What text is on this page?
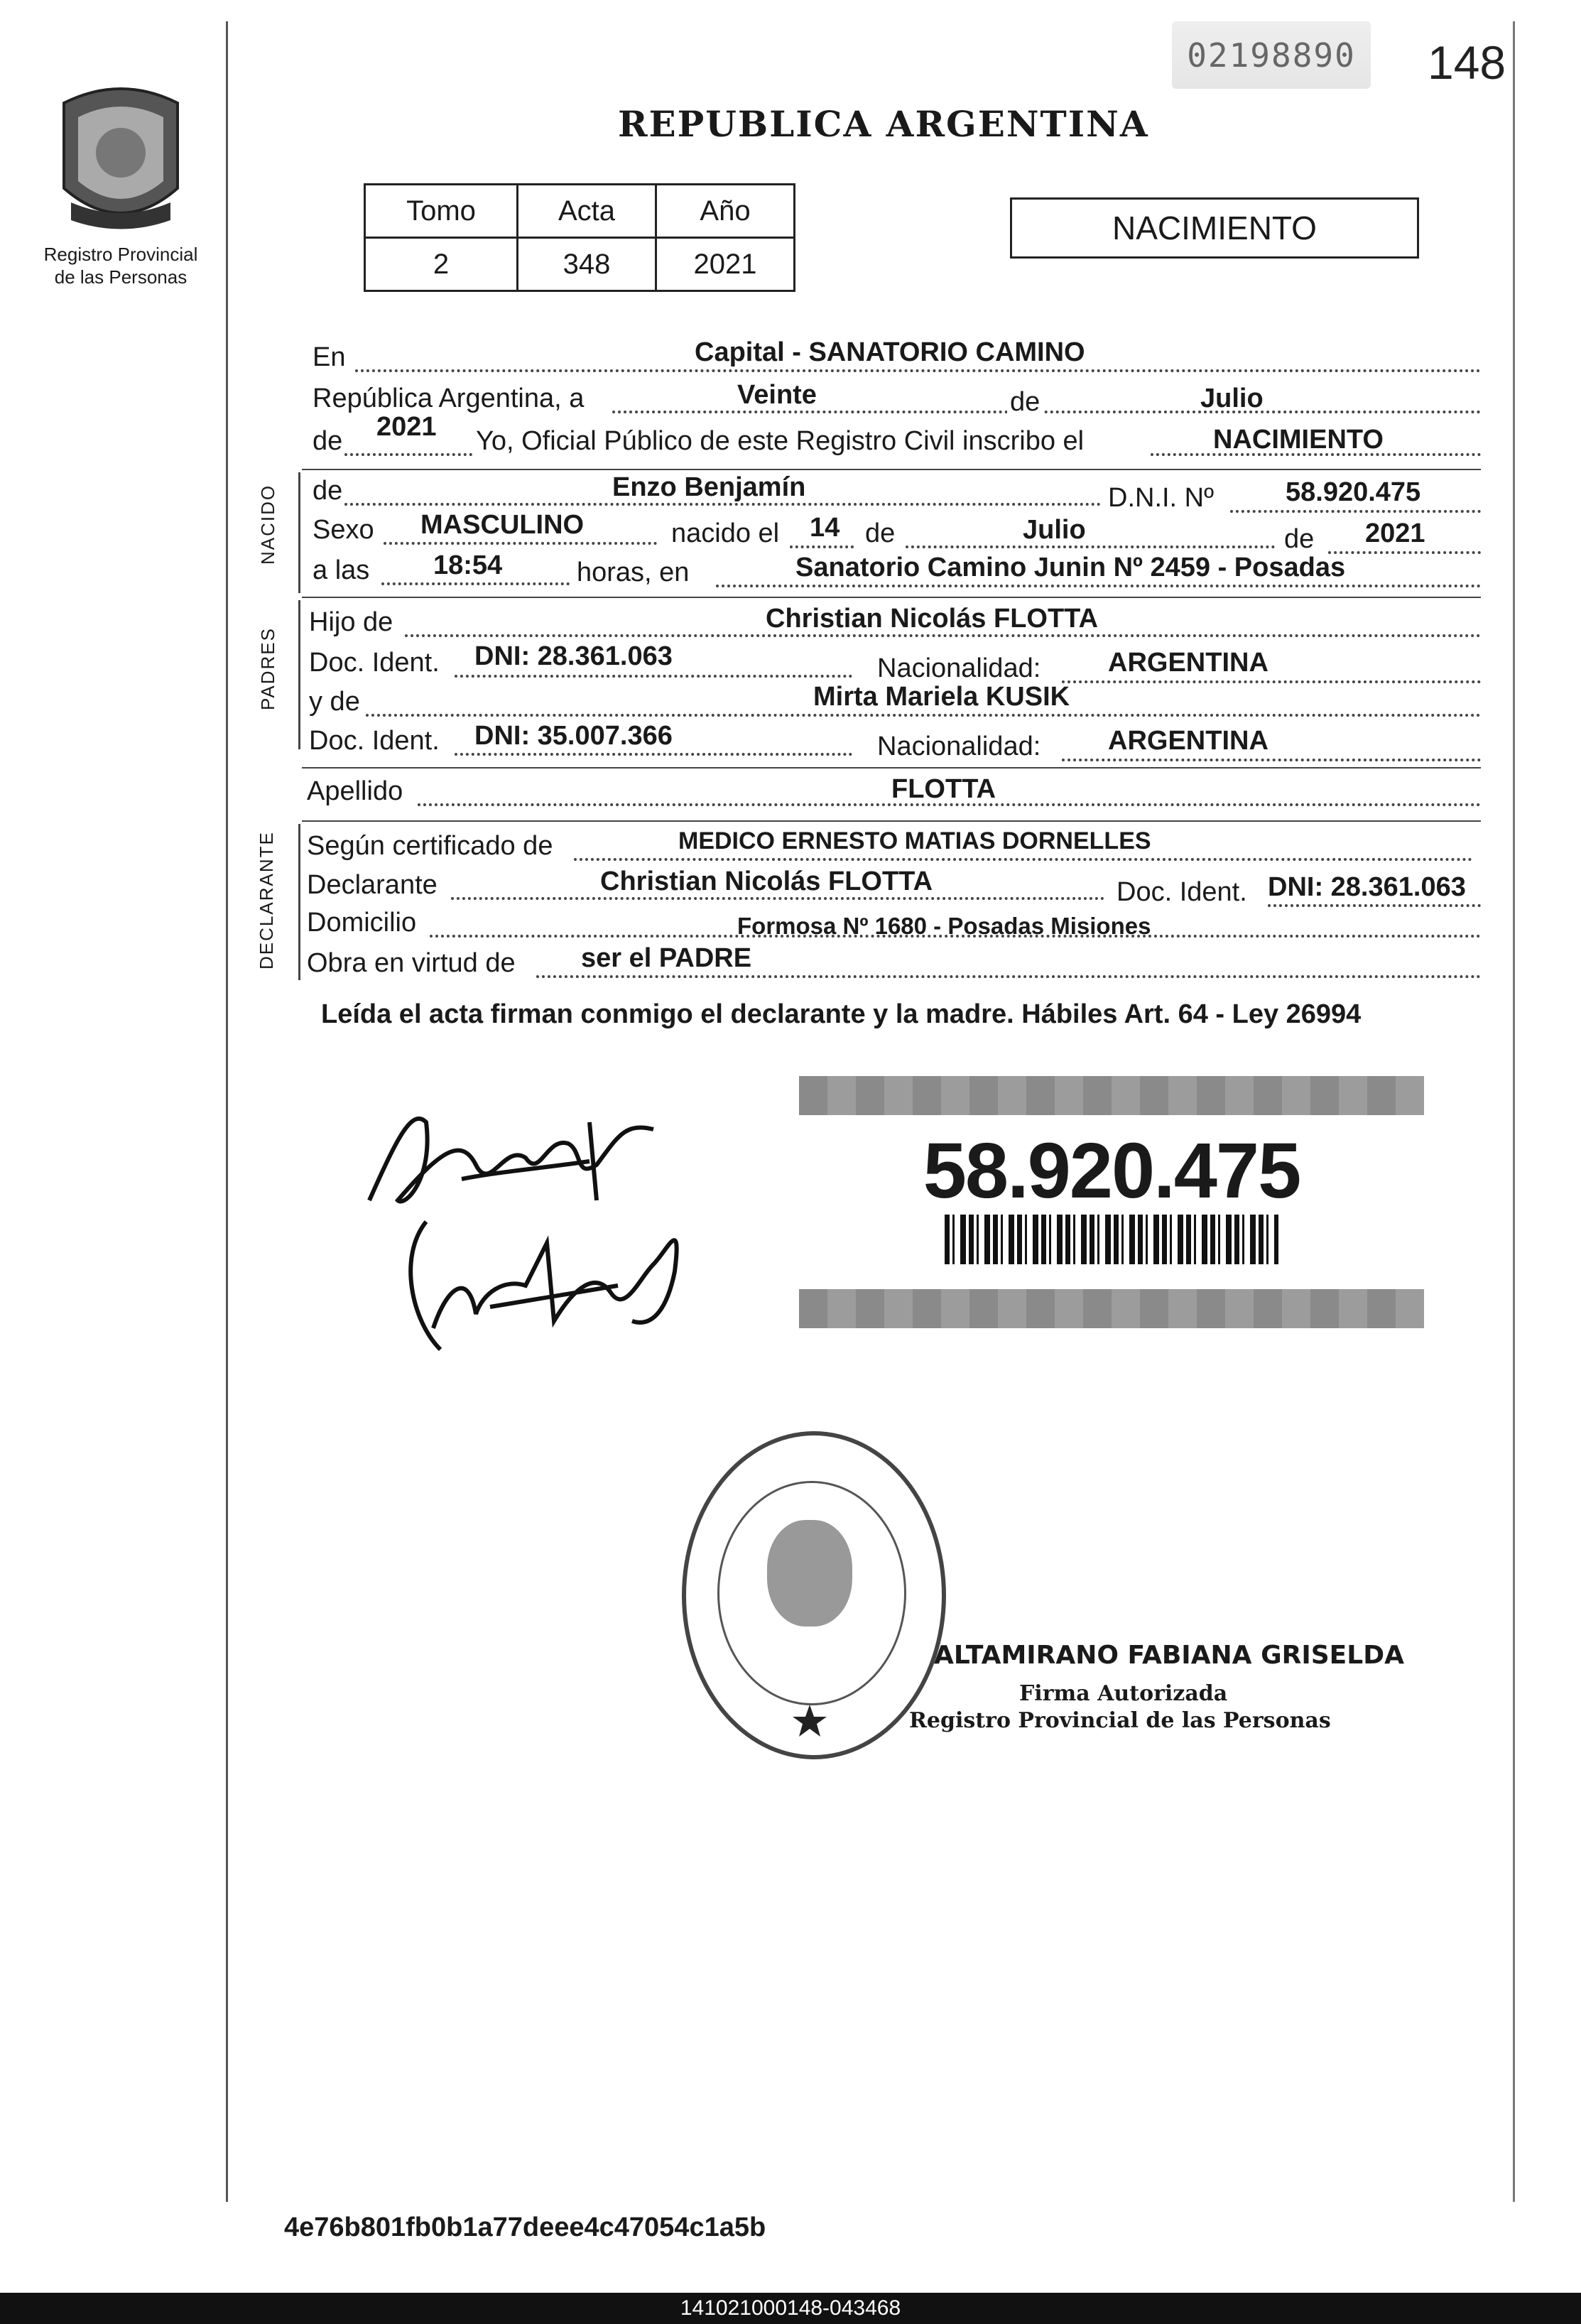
02198890	148
Registro Provincial
de las Personas
REPUBLICA ARGENTINA
Tomo	Acta	Año
2	348	2021
NACIMIENTO
En	Capital - SANATORIO CAMINO
República Argentina, a	Veinte	de	Julio
de 2021 Yo, Oficial Público de este Registro Civil inscribo el	NACIMIENTO
NACIDO de	Enzo Benjamín	D.N.I. Nº	58.920.475
Sexo MASCULINO	nacido el 14 de	Julio	de 2021
a las 18:54	horas, en	Sanatorio Camino Junin Nº 2459 - Posadas
PADRES
Hijo de	Christian Nicolás FLOTTA
Doc. Ident. DNI: 28.361.063	Nacionalidad: ARGENTINA
y de	Mirta Mariela KUSIK
Doc. Ident. DNI: 35.007.366	Nacionalidad: ARGENTINA
Apellido	FLOTTA
DECLARANTE Según certificado de	MEDICO ERNESTO MATIAS DORNELLES
Declarante	Christian Nicolás FLOTTA	Doc. Ident. DNI: 28.361.063
Domicilio	Formosa Nº 1680 - Posadas Misiones
Obra en virtud de ser el PADRE
Leída el acta firman conmigo el declarante y la madre. Hábiles Art. 64 - Ley 26994
58.920.475
ALTAMIRANO FABIANA GRISELDA
Firma Autorizada
Registro Provincial de las Personas
4e76b801fb0b1a77deee4c47054c1a5b
141021000148-043468
